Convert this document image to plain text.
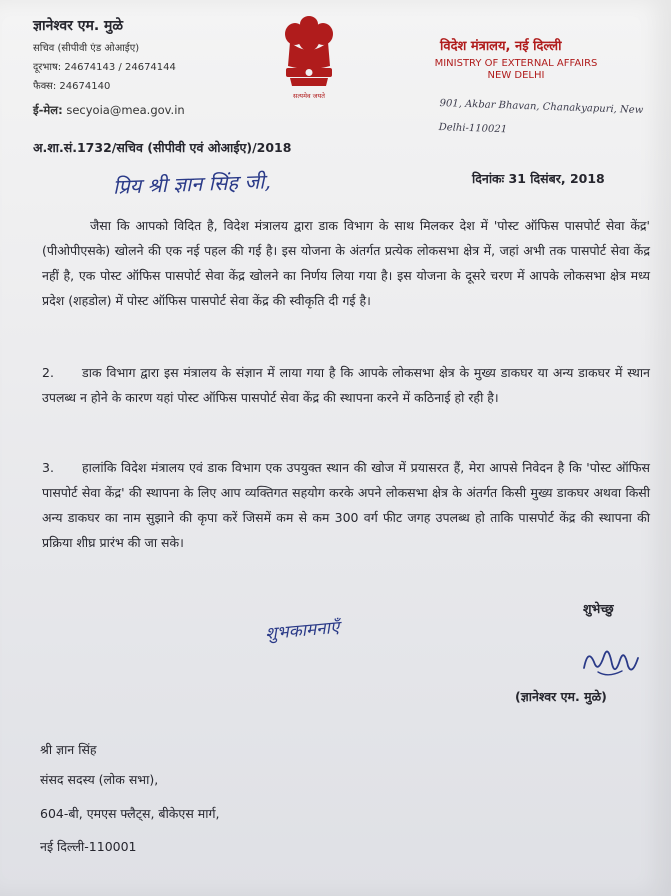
ज्ञानेश्वर एम. मुळे
सचिव (सीपीवी एंड ओआईए)
दूरभाष: 24674143 / 24674144
फैक्स: 24674140
ई-मेल: secyoia@mea.gov.in
सत्यमेव जयते
विदेश मंत्रालय, नई दिल्ली
MINISTRY OF EXTERNAL AFFAIRS
NEW DELHI
901, Akbar Bhavan, Chanakyapuri, New Delhi-110021
अ.शा.सं.1732/सचिव (सीपीवी एवं ओआईए)/2018
प्रिय श्री ज्ञान सिंह जी,	दिनांकः 31 दिसंबर, 2018
जैसा कि आपको विदित है, विदेश मंत्रालय द्वारा डाक विभाग के साथ मिलकर देश में 'पोस्ट ऑफिस पासपोर्ट सेवा केंद्र' (पीओपीएसके) खोलने की एक नई पहल की गई है। इस योजना के अंतर्गत प्रत्येक लोकसभा क्षेत्र में, जहां अभी तक पासपोर्ट सेवा केंद्र नहीं है, एक पोस्ट ऑफिस पासपोर्ट सेवा केंद्र खोलने का निर्णय लिया गया है। इस योजना के दूसरे चरण में आपके लोकसभा क्षेत्र मध्य प्रदेश (शहडोल) में पोस्ट ऑफिस पासपोर्ट सेवा केंद्र की स्वीकृति दी गई है।
2. डाक विभाग द्वारा इस मंत्रालय के संज्ञान में लाया गया है कि आपके लोकसभा क्षेत्र के मुख्य डाकघर या अन्य डाकघर में स्थान उपलब्ध न होने के कारण यहां पोस्ट ऑफिस पासपोर्ट सेवा केंद्र की स्थापना करने में कठिनाई हो रही है।
3. हालांकि विदेश मंत्रालय एवं डाक विभाग एक उपयुक्त स्थान की खोज में प्रयासरत हैं, मेरा आपसे निवेदन है कि 'पोस्ट ऑफिस पासपोर्ट सेवा केंद्र' की स्थापना के लिए आप व्यक्तिगत सहयोग करके अपने लोकसभा क्षेत्र के अंतर्गत किसी मुख्य डाकघर अथवा किसी अन्य डाकघर का नाम सुझाने की कृपा करें जिसमें कम से कम 300 वर्ग फीट जगह उपलब्ध हो ताकि पासपोर्ट केंद्र की स्थापना की प्रक्रिया शीघ्र प्रारंभ की जा सके।
शुभेच्छु
शुभकामनाएँ
(ज्ञानेश्वर एम. मुळे)
श्री ज्ञान सिंह
संसद सदस्य (लोक सभा),
604-बी, एमएस फ्लैट्स, बीकेएस मार्ग,
नई दिल्ली-110001
